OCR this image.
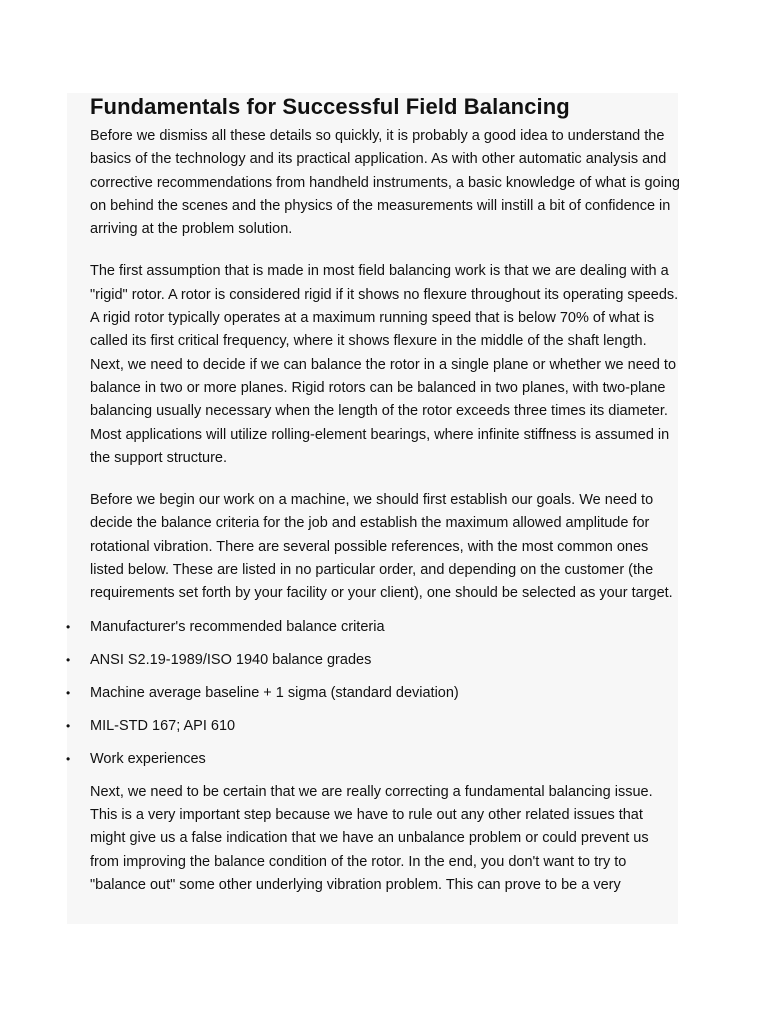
Fundamentals for Successful Field Balancing

Before we dismiss all these details so quickly, it is probably a good idea to understand the basics of the technology and its practical application. As with other automatic analysis and corrective recommendations from handheld instruments, a basic knowledge of what is going on behind the scenes and the physics of the measurements will instill a bit of confidence in arriving at the problem solution.

The first assumption that is made in most field balancing work is that we are dealing with a "rigid" rotor. A rotor is considered rigid if it shows no flexure throughout its operating speeds. A rigid rotor typically operates at a maximum running speed that is below 70% of what is called its first critical frequency, where it shows flexure in the middle of the shaft length. Next, we need to decide if we can balance the rotor in a single plane or whether we need to balance in two or more planes. Rigid rotors can be balanced in two planes, with two-plane balancing usually necessary when the length of the rotor exceeds three times its diameter. Most applications will utilize rolling-element bearings, where infinite stiffness is assumed in the support structure.

Before we begin our work on a machine, we should first establish our goals. We need to decide the balance criteria for the job and establish the maximum allowed amplitude for rotational vibration. There are several possible references, with the most common ones listed below. These are listed in no particular order, and depending on the customer (the requirements set forth by your facility or your client), one should be selected as your target.

• Manufacturer's recommended balance criteria
• ANSI S2.19-1989/ISO 1940 balance grades
• Machine average baseline + 1 sigma (standard deviation)
• MIL-STD 167; API 610
• Work experiences

Next, we need to be certain that we are really correcting a fundamental balancing issue. This is a very important step because we have to rule out any other related issues that might give us a false indication that we have an unbalance problem or could prevent us from improving the balance condition of the rotor. In the end, you don't want to try to "balance out" some other underlying vibration problem. This can prove to be a very
